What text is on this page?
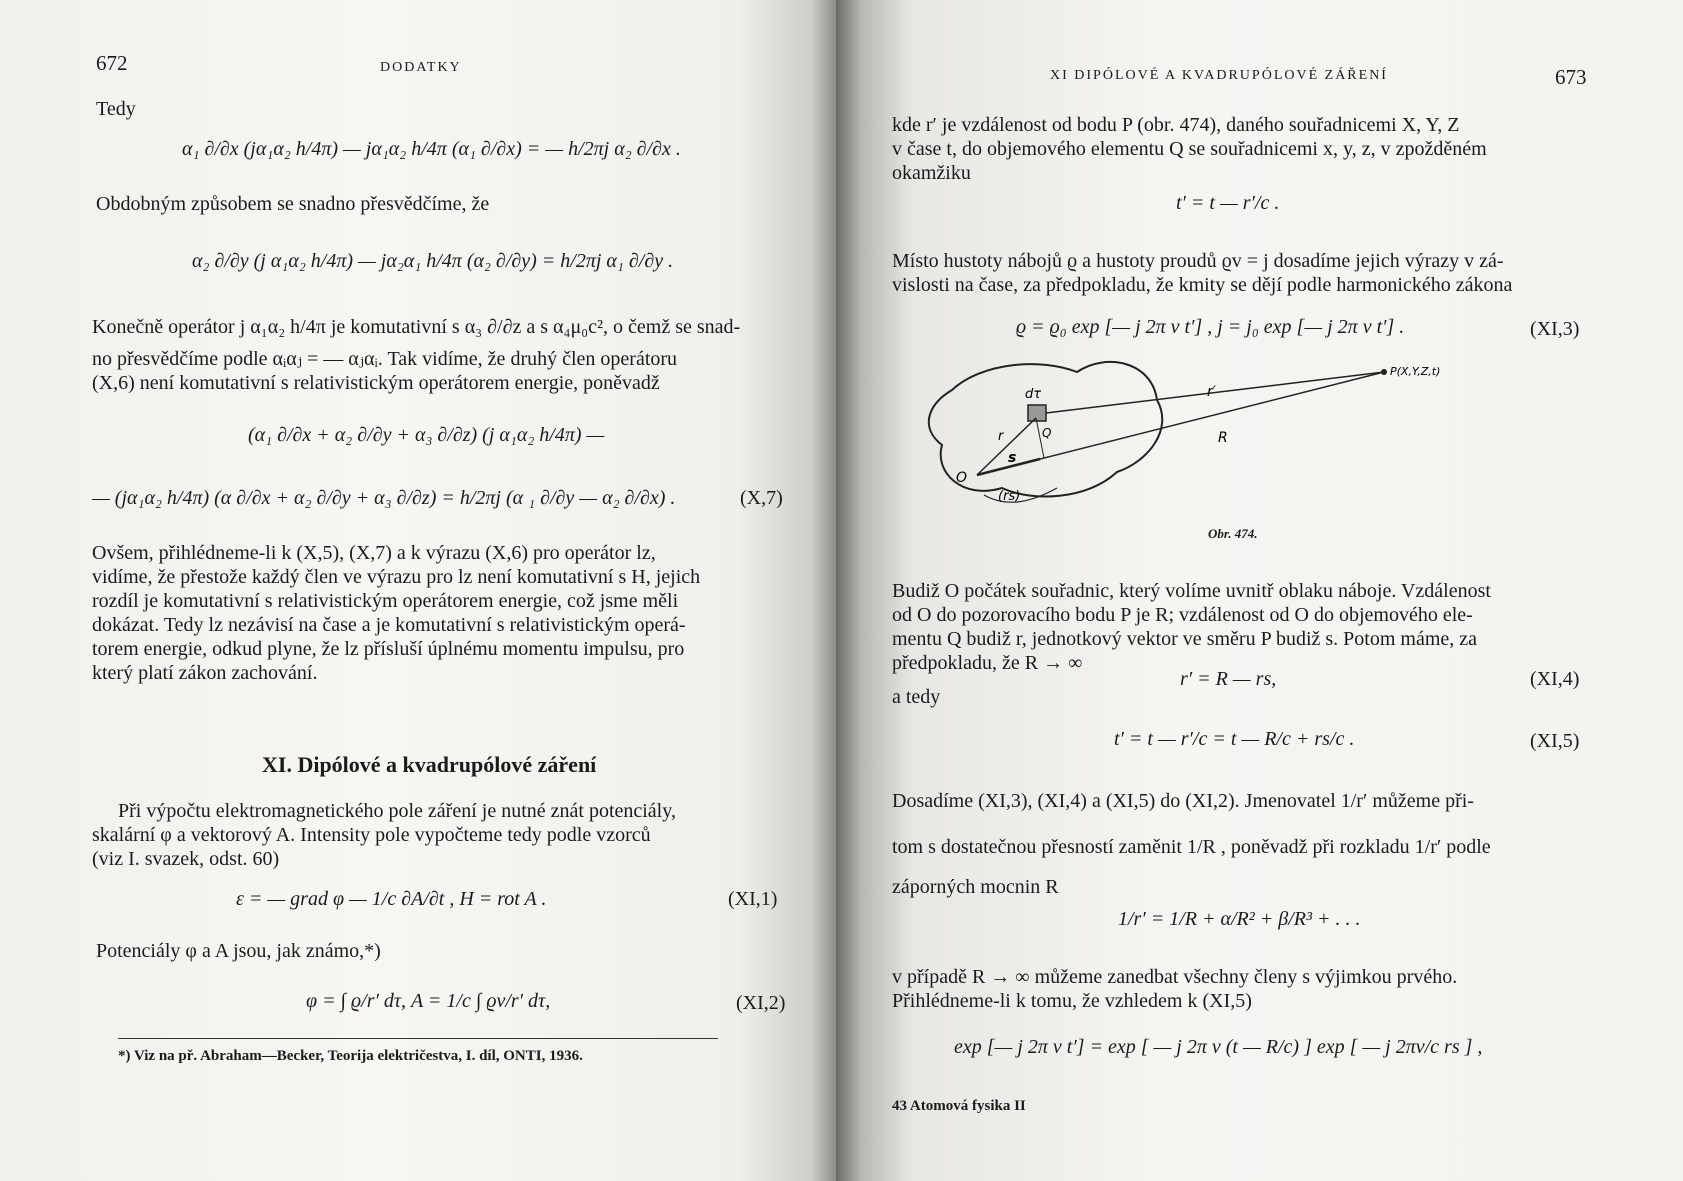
672	DODATKY
Tedy
α₁ ∂/∂x (jα₁α₂ h/4π) — jα₁α₂ h/4π (α₁ ∂/∂x) = — h/2πj α₂ ∂/∂x .
Obdobným způsobem se snadno přesvědčíme, že
α₂ ∂/∂y (j α₁α₂ h/4π) — jα₂α₁ h/4π (α₂ ∂/∂y) = h/2πj α₁ ∂/∂y .
Konečně operátor j α₁α₂ h/4π je komutativní s α₃ ∂/∂z a s α₄μ₀c², o čemž se snad-
no přesvědčíme podle αᵢαⱼ = — αⱼαᵢ. Tak vidíme, že druhý člen operátoru
(X,6) není komutativní s relativistickým operátorem energie, poněvadž
(α₁ ∂/∂x + α₂ ∂/∂y + α₃ ∂/∂z) (j α₁α₂ h/4π) —
— (jα₁α₂ h/4π) (α ∂/∂x + α₂ ∂/∂y + α₃ ∂/∂z) = h/2πj (α ₁ ∂/∂y — α₂ ∂/∂x) .	(X,7)
Ovšem, přihlédneme-li k (X,5), (X,7) a k výrazu (X,6) pro operátor lz,
vidíme, že přestože každý člen ve výrazu pro lz není komutativní s H, jejich
rozdíl je komutativní s relativistickým operátorem energie, což jsme měli
dokázat. Tedy lz nezávisí na čase a je komutativní s relativistickým operá-
torem energie, odkud plyne, že lz přísluší úplnému momentu impulsu, pro
který platí zákon zachování.
XI. Dipólové a kvadrupólové záření
Při výpočtu elektromagnetického pole záření je nutné znát potenciály,
skalární φ a vektorový A. Intensity pole vypočteme tedy podle vzorců
(viz I. svazek, odst. 60)
ε = — grad φ — 1/c ∂A/∂t , H = rot A .	(XI,1)
Potenciály φ a A jsou, jak známo,*)
φ = ∫ ϱ/r′ dτ, A = 1/c ∫ ϱv/r′ dτ,	(XI,2)
*) Viz na př. Abraham—Becker, Teorija električestva, I. díl, ONTI, 1936.
XI DIPÓLOVÉ A KVADRUPÓLOVÉ ZÁŘENÍ	673
kde r′ je vzdálenost od bodu P (obr. 474), daného souřadnicemi X, Y, Z
v čase t, do objemového elementu Q se souřadnicemi x, y, z, v zpožděném
okamžiku
t′ = t — r′/c .
Místo hustoty nábojů ϱ a hustoty proudů ϱv = j dosadíme jejich výrazy v zá-
vislosti na čase, za předpokladu, že kmity se dějí podle harmonického zákona
ϱ = ϱ₀ exp [— j 2π ν t′] , j = j₀ exp [— j 2π ν t′] .	(XI,3)
dτ	r′
P(X,Y,Z,t)
Q	R
r
s
O
(rs)
Obr. 474.
Budiž O počátek souřadnic, který volíme uvnitř oblaku náboje. Vzdálenost
od O do pozorovacího bodu P je R; vzdálenost od O do objemového ele-
mentu Q budiž r, jednotkový vektor ve směru P budiž s. Potom máme, za
předpokladu, že R → ∞
r′ = R — rs,	(XI,4)
a tedy
t′ = t — r′/c = t — R/c + rs/c .	(XI,5)
Dosadíme (XI,3), (XI,4) a (XI,5) do (XI,2). Jmenovatel 1/r′ můžeme při-
tom s dostatečnou přesností zaměnit 1/R , poněvadž při rozkladu 1/r′ podle
záporných mocnin R
1/r′ = 1/R + α/R² + β/R³ + . . .
v případě R → ∞ můžeme zanedbat všechny členy s výjimkou prvého.
Přihlédneme-li k tomu, že vzhledem k (XI,5)
exp [— j 2π ν t′] = exp [ — j 2π ν (t — R/c) ] exp [ — j 2πν/c rs ] ,
43 Atomová fysika II
